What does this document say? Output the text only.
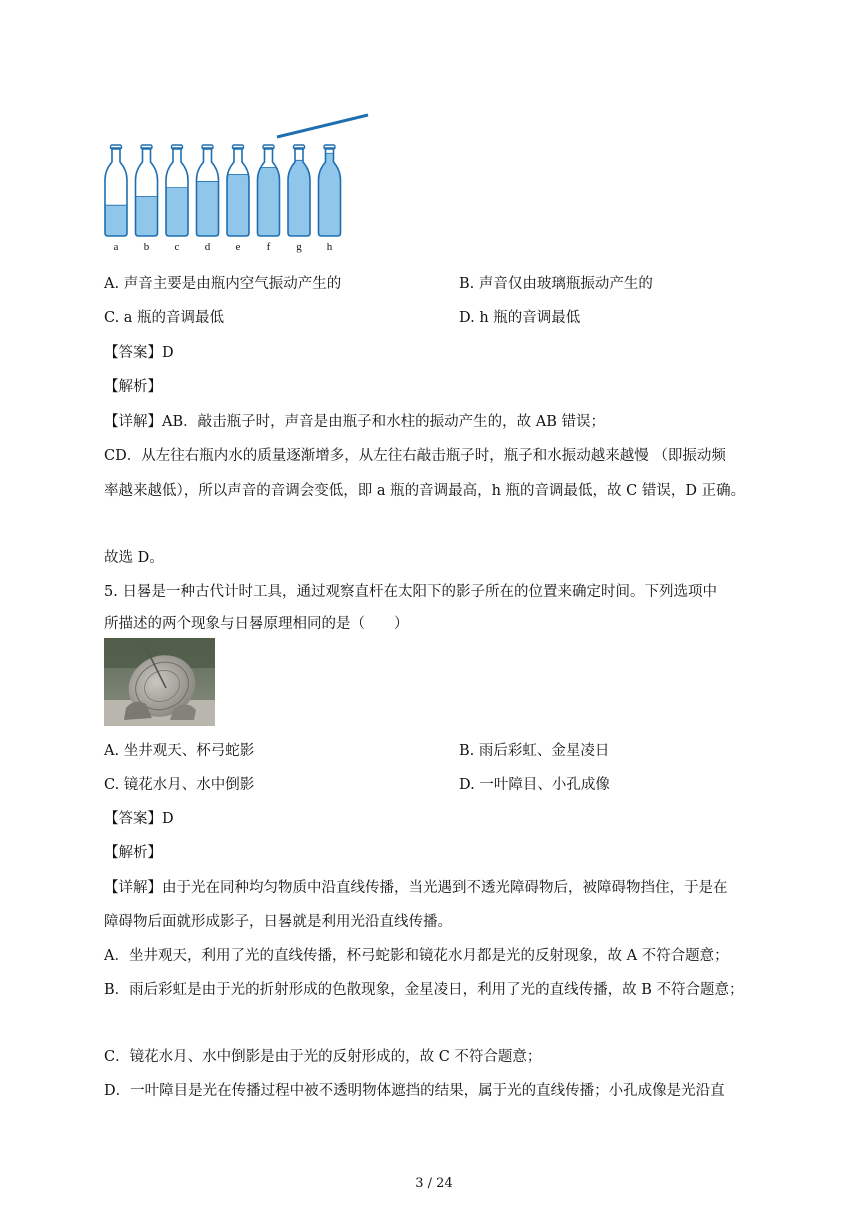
a b c d e f g h
A. 声音主要是由瓶内空气振动产生的	B. 声音仅由玻璃瓶振动产生的
C. a 瓶的音调最低	D. h 瓶的音调最低
【答案】D
【解析】
【详解】AB．敲击瓶子时，声音是由瓶子和水柱的振动产生的，故 AB 错误；
CD．从左往右瓶内水的质量逐渐增多，从左往右敲击瓶子时，瓶子和水振动越来越慢 （即振动频
率越来越低），所以声音的音调会变低，即 a 瓶的音调最高，h 瓶的音调最低，故 C 错误，D 正确。
故选 D。
5. 日晷是一种古代计时工具，通过观察直杆在太阳下的影子所在的位置来确定时间。下列选项中
所描述的两个现象与日晷原理相同的是（　　）
A. 坐井观天、杯弓蛇影	B. 雨后彩虹、金星凌日
C. 镜花水月、水中倒影	D. 一叶障目、小孔成像
【答案】D
【解析】
【详解】由于光在同种均匀物质中沿直线传播，当光遇到不透光障碍物后，被障碍物挡住，于是在
障碍物后面就形成影子，日晷就是利用光沿直线传播。
A．坐井观天，利用了光的直线传播，杯弓蛇影和镜花水月都是光的反射现象，故 A 不符合题意；
B．雨后彩虹是由于光的折射形成的色散现象，金星凌日，利用了光的直线传播，故 B 不符合题意；
C．镜花水月、水中倒影是由于光的反射形成的，故 C 不符合题意；
D．一叶障目是光在传播过程中被不透明物体遮挡的结果，属于光的直线传播；小孔成像是光沿直
3 / 24
